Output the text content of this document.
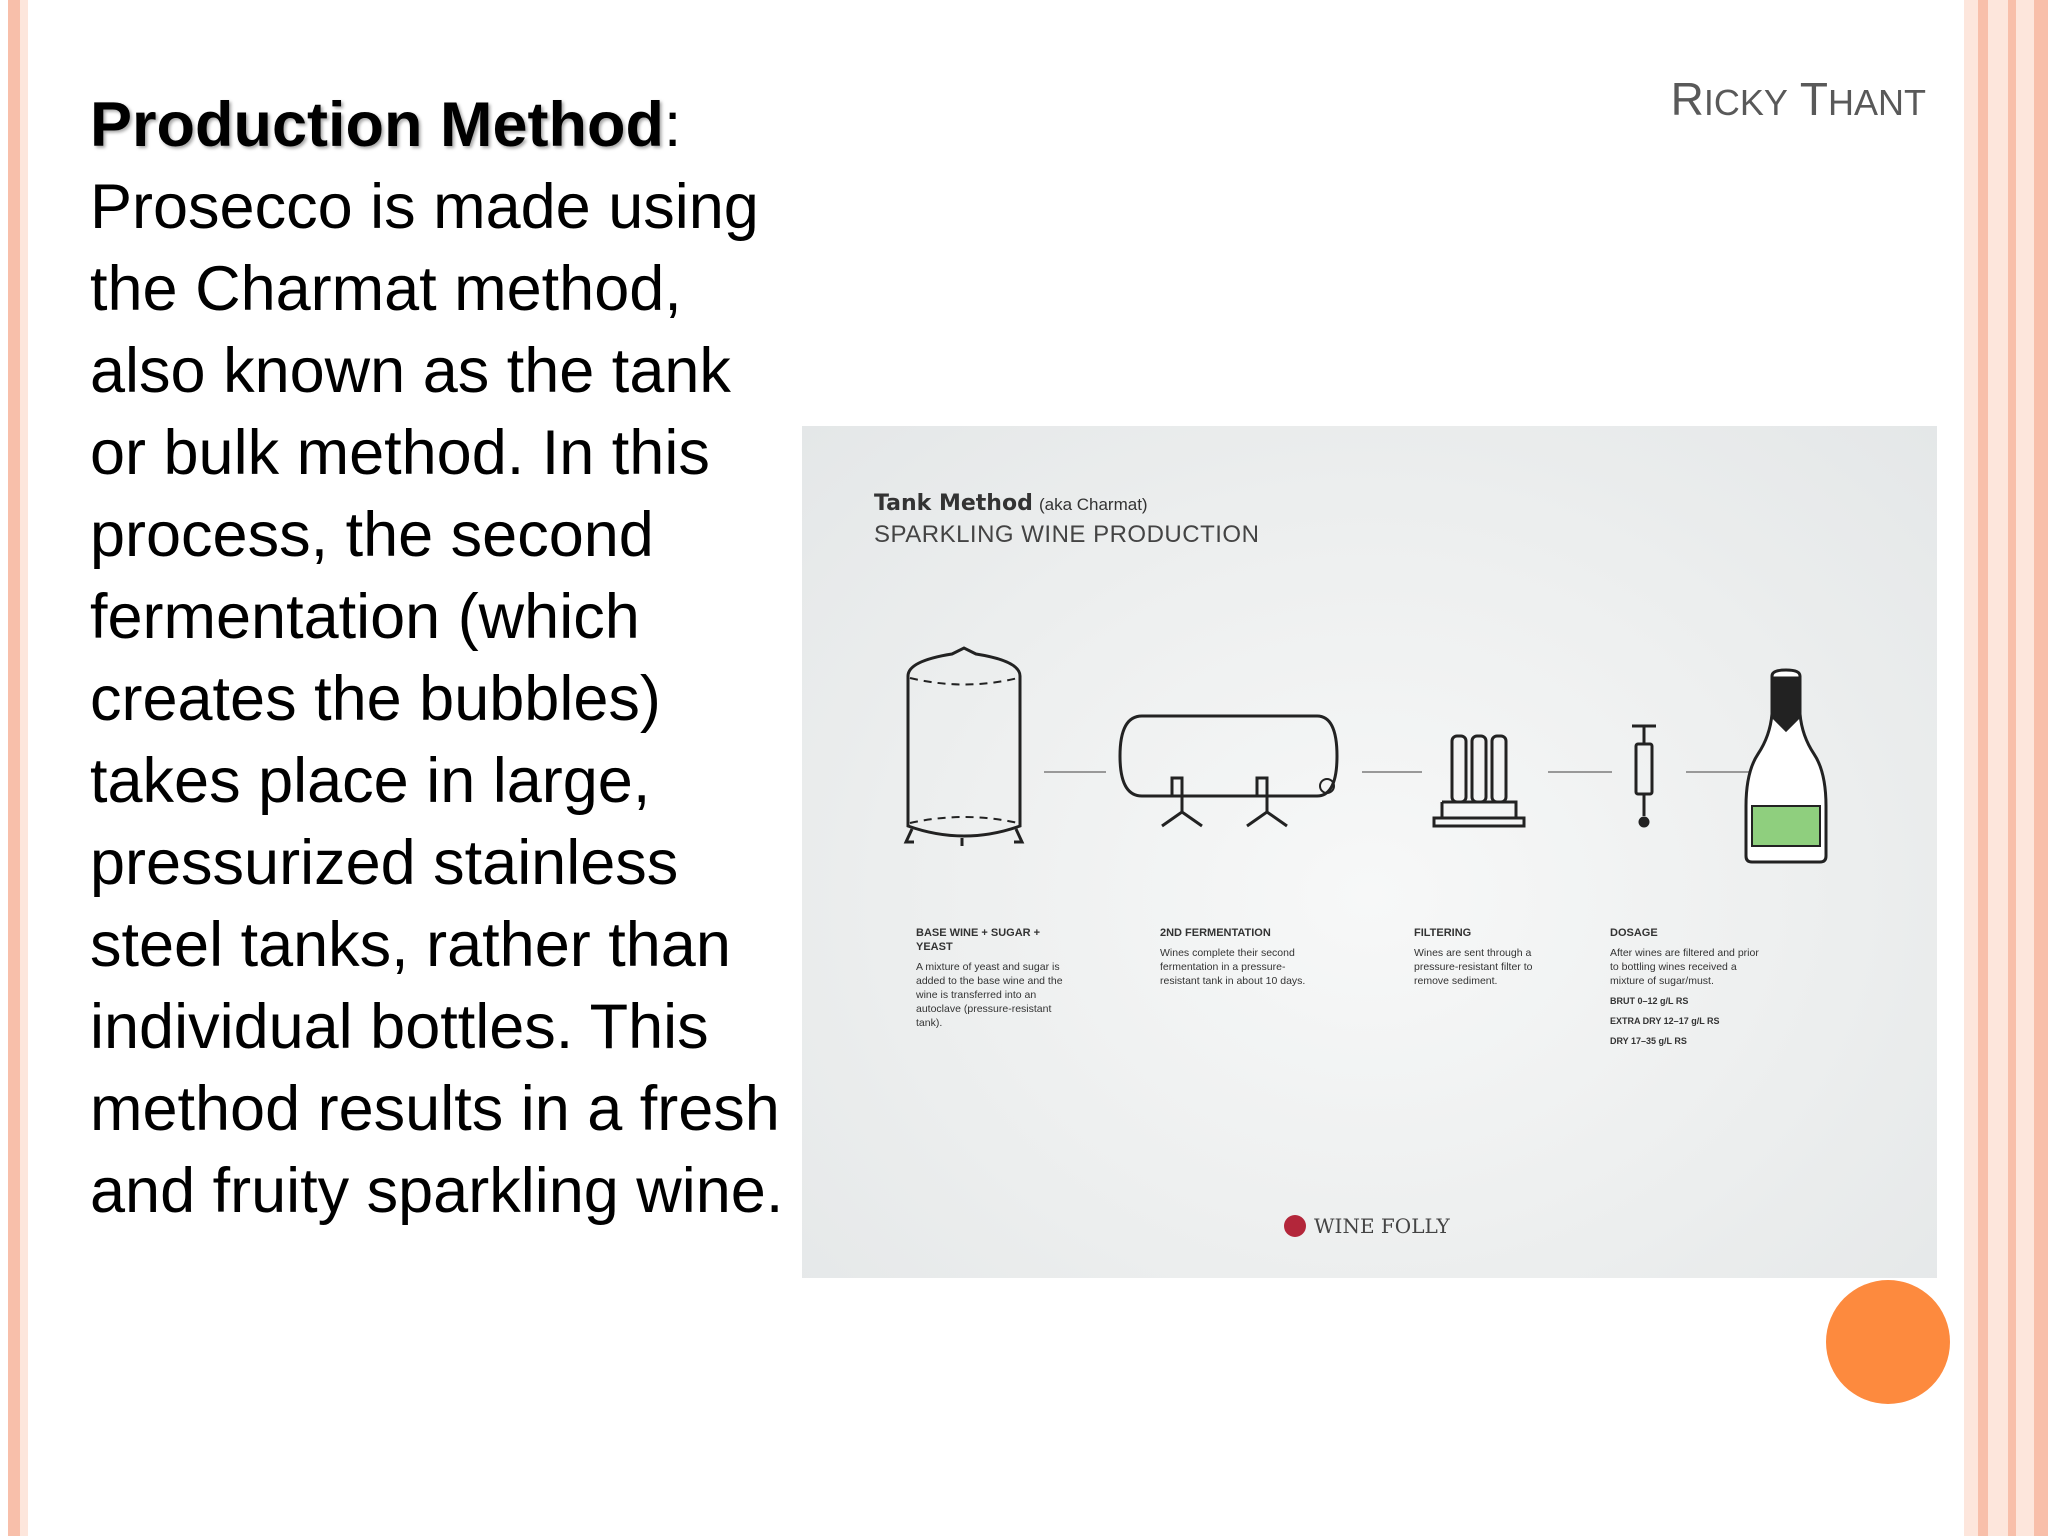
RICKY THANT
Production Method:
Prosecco is made using the Charmat method, also known as the tank or bulk method. In this process, the second fermentation (which creates the bubbles) takes place in large, pressurized stainless steel tanks, rather than individual bottles. This method results in a fresh and fruity sparkling wine.
Tank Method (aka Charmat)
SPARKLING WINE PRODUCTION
BASE WINE + SUGAR + YEAST
A mixture of yeast and sugar is added to the base wine and the wine is transferred into an autoclave (pressure-resistant tank).
2ND FERMENTATION
Wines complete their second fermentation in a pressure-resistant tank in about 10 days.
FILTERING
Wines are sent through a pressure-resistant filter to remove sediment.
DOSAGE
After wines are filtered and prior to bottling wines received a mixture of sugar/must.
BRUT 0–12 g/L RS
EXTRA DRY 12–17 g/L RS
DRY 17–35 g/L RS
WINE FOLLY
